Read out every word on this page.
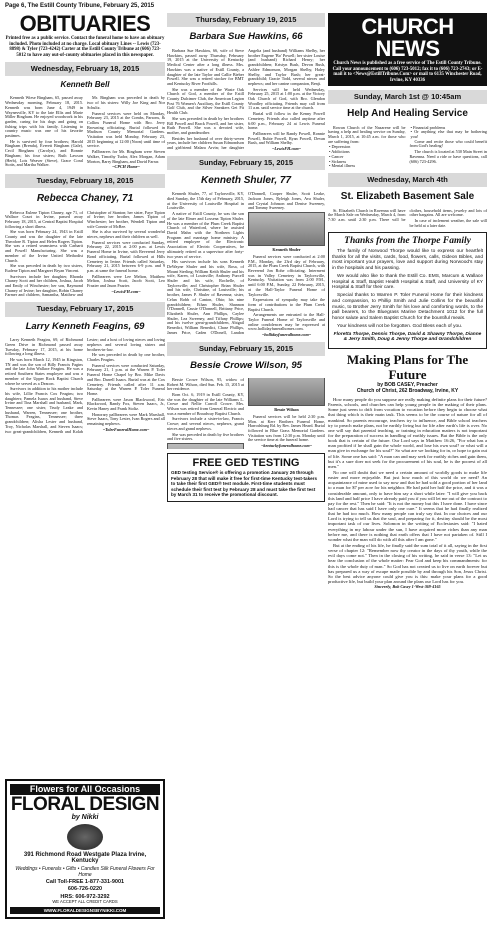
Page 6, The Estill County Tribune, February 25, 2015
OBITUARIES
Printed free as a public service. Contact the funeral home to have an obituary included. Photo included at no charge. Local obituary Lines -- Lewis (723-8898) & Tyler (723-4242) Carter at the Estill County Tribune at (606) 723-5012 to have any out-of-county obituaries placed in this newspaper.
Wednesday, February 18, 2015
Kenneth Bell

Kenneth Wiese Bingham, 65, passed away Wednesday morning, February 18, 2015. Kenneth was born June 4, 1949 in Waynesville, KY to the late Ellis and Marie Miller Bingham. He enjoyed woodwork in his garden, caring for his dogs and going on fishing trips with his family. Listening to country music was one of his favorite pastimes.

He is survived by four brothers; Harold Bingham (Brenda), Everett Bingham (Gale), Cecil Bingham (Carolyn), and Ronnie Bingham; his four sisters; Ruth Lawson (Herb), Lois Weaver (Steve), Grace Coral Stotts, and Martha Walker.

Mr. Bingham was preceded in death by two of his sisters: Willy Joe King and Nor Schultz.

Funeral services were held on Monday, February 23, 2015 at the Combs, Parsons, & Collins Funeral Home with Bro. Jerry Browning officiating. Burial followed in Madison County Memorial Gardens. Visitation was held Monday, February 23, 2015 beginning at 12:00 (Noon) until time of service.

Pallbearers for Mr. Bingham were Steven Walker, Timothy Tudor, Alex Morgan, Adam Morton, Barry Bingham, and David Farrar.

~CPCH Home~
Tuesday, February 18, 2015
Rebecca Chaney, 71

Rebecca Eulene Tipton Chaney, age 71, of Wallace Court in Irvine, passed away February 18, 2015, at Central Baptist Hospital following a short illness.

She was born February 24, 1943 in Estill County and was the daughter of the late Theodore R. Tipton and Helen Rogers Tipton. She was a retired seamstress with Carhartt and Powell Manufacturing. She was a member of the Irvine United Methodist Church.

She was preceded in death by two sisters, Eudene Tipton and Margaret Bryan Vincent.

Survivors include her daughter, Rhonda Chaney Scott and her children, Joshua, Jacob and Emily of Winchester; her son, Raymond Chaney of Irvine; her daughter, Robin Chaney Farmer and children, Samantha, Matthew and Christopher of Stanton; her sister, Faye Tipton of Irvine; her brother, James Tipton of Winchester; her brother, Wendell Tipton and wife Connie of McRee.

She is also survived by several wonderful nieces, nephews and their children as well.

Funeral services were conducted Sunday, February 22, 2015 at 2:00 p.m. at Lewis Funeral Home in Irvine, with Reverend Jerry Bond officiating. Burial followed at Hills Cemetery in Irvine. Friends called Saturday, February 21, 2015 between 6-9 p.m. and 9 p.m. at same the funeral home.

Pallbearers were Lee Melton, Matthew Melton, Joshua Scott, Jacob Scott, Leo Frazier and Jason Frazier.

~LewisFH.com~
Tuesday, February 17, 2015
Larry Kenneth Feagins, 69

Larry Kenneth Feagins, 69, of Richmond Green Drive in Richmond passed away Tuesday, February 17, 2015, at his home following a long illness.

He was born March 12, 1945 in Kingston, TN and was the son of Billy Francis Fagins and the late John Wallace Feagins. He was a retired Southern States employee and was a member of the Upper Rock Baptist Church where he served as a Deacon.

Survivors in addition to his mother include his wife, Lillie Francis Cox Feagins; two daughters; Pamela Isaacs and husband, Steve Irvine and Tina Marshall and husband, Mark, Tennessee; one sister, Trudy Leake and husband, Warren, Tennessee; one brother, Thomas Feagins, Tennessee; three grandchildren; Alisha Lester and husband, Troy, Nicholas Marshall, and Steven Isaacs; two great-grandchildren, Kenneth and Kolab Lester; and a host of loving nieces and loving nephews and several loving sisters and brothers-in-law.

He was preceded in death by one brother, Charles Feagins.

Funeral services were conducted Saturday, February 21, 1 p.m. at the Warren P. Toler Funeral Home Chapel by Bro. Mike Davis and Bro. Darrell Isaacs. Burial was at the Cox Cemetery. Friends called after 11 a.m. Saturday at the Warren P. Toler Funeral Home.

Pallbearers were Jason Blackwood, Eric Blackwood, Randy Fox, Steven Isaacs, Jr., Kevin Haney and Frank Stoltz.

Honorary pallbearers were Mark Marshall, Steve Isaacs, Tony Lester, Ivan Rogers and all remaining nephews.

~TolerFuneralHome.com~
Thursday, February 19, 2015
Barbara Sue Hawkins, 66

Barbara Sue Hawkins, 66, wife of Steve Hawkins, passed away Thursday, February 19, 2015 at the University of Kentucky Medical Center after a long illness. Mrs. Hawkins was a native of Estill County, a daughter of the late Taylor and Callie Bieber Powell. She was a retired stocker for BMT and Kentucky River Foothills.

She was a member of the Waste Oak Church of God, a member of the Estill County Dulcimer Club, the American Legion Post 76 Women's Auxiliary, the Estill County Golf Club, and the Silver Sneakers Get Fit Health Club.

She was preceded in death by her brothers Bill Powell and Brack Powell, and her sister, Ruth Powell. She was a devoted wife, mother, and grandmother.

Besides her husband of over thirty-seven years, include her children Susan Edmondson and girlfriend Malara Arvin; her daughter Angelia (and husband) Williams Shelby, her brother Eugene 'Bo' Powell; her sister Louise (and husband) Richard Henry; her grandchildren; Kristyn Bush, Devon Bush, Ashlee Edmonson, Morgan Shelby, Haley Shelby, and Taylor Bush; her great-grandchild; Gracie Todd, several nieces and nephews; and her canine companion, Benji.

Services will be held Wednesday, February 25, 2015 at 1:00 p.m. at the Victory Oak Church of God, with Bro. Glendon Woodley officiating. Friends may call from 11 a.m. until service time at the church.

Burial will follow in the Kenny Powell Cemetery. Friends also called anytime after 6:00 p.m., February 24 at Lewis Funeral home.

Pallbearers will be Randy Powell, Ronnie Powell, Rubie Powell, Ryan Powell, Devan Bush, and William Shelby.

~LewisFH.com~
Sunday, February 15, 2015
Kenneth Shuler, 77

Kenneth Shuler, 77, of Taylorsville, KY, died Sunday, the 15th day of February, 2015, at the University of Louisville Hospital in Louisville.

A native of Estill County, he was the son of the late Elmer and Lossena Tipton Shuler. He was a member of the Plum Creek Baptist Church of Waterford, where he assisted David Mahn with the Northern Lights Program and marriage home ministry. A retired employee of the Electronic Association of Electric Cooperatives, he ultimately retired as a supervisor after forty-two years of service.

His survivors include his sons Kenneth DeWayne Shuler and his wife, Rosa, of Mount Sterling; William Keith Shuler and his wife, Karen, of Louisville; Anthony Purcell Shuler and his wife, Rochelle, of Taylorsville; and Christopher Brian Shuler and his wife, Christine, of Louisville; his brother, James P. Shuler of Ravenna; sister, Celan Robb of Canton, Ohio; his nine grandchildren; Ethan Shuler, Shannon O'Donnell, Cassie O'Donnell, Brittany Price, Elizabeth Shuler, Ann Phillips, Caylee Shuler, Lea Sweeney, and Tiffany Phillips; and his twelve great-grandchildren, Abigail Benedict, William Benedict, Chase Phillips, James Price, Caden O'Donell, Landon O'Donnell, Cooper Shuler, Scott Leake, Jackson Jones, Ryleigh Jones, Ava Shuler, and Crystal Johnson and Denise Sweeney, and Tommy Sweeney.

Kenneth Shuler

Funeral services were conducted at 2:00 P.M., Monday, the 23rd day of February, 2015, at the Plum Creek Baptist Church, with Reverend Jon Rohe officiating. Interment was in Valley Cemetery in Taylorsville, Kentucky. Visitation was from 2:00 P.M., until 6:00 P.M., Sunday, 22 February, 2015, at the Hall-Taylor Funeral Home of Taylorsville.

Expressions of sympathy may take the form of contributions to the Plum Creek Baptist Church.

Arrangements are entrusted to the Hall-Taylor Funeral Home of Taylorsville and online condolences may be expressed at www.hollidayfuneralhomes.com.

~hollidayfuneralhome.com~
Sunday, February 15, 2015
Bessie Crowe Wilson, 95

Bessie Crowe Wilson, 95, widow of Robert M. Wilson, died Sun. Feb. 15, 2015 at her residence.

Born Oct. 6, 1919 in Estill County, KY, she was the daughter of the late Williams L. Crowe and Nellie Carroll Crowe. Mrs. Wilson was retired from General Electric and was a member of Broadway Baptist Church.

Survivors include a sister-in-law, Francis Crowe; and several nieces, nephews, grand nieces and grand nephews.

She was preceded in death by five brothers and five sisters.

Bessie Wilson

Funeral services will be held 2:30 p.m. Mon. at Kerr Brothers Funeral Home, Harrodsburg Rd. by Rev. James Heard. Burial followed in Blue Grass Memorial Gardens. Visitation was from 12:30 p.m. Monday until the service time at the funeral home.

~kentuckyfuneralhome.com~
FREE GED TESTING

GED testing Service® is offering a promotion January 26 through February 28 that will make it free for first-time Kentucky test-takers to take their first GED® test module. First-time students must schedule their first test by February 28 and must take the first test by March 31 to receive the promotional discount.

CHURCH NEWS
Church News is published as a free service of The Estill County Tribune. Call your announcement to (606) 723-5012; fax it to (606) 723-2743; or E-mail it to <News@EstillTribune.Com> or mail to 6135 Winchester Road, Irvine, KY 40336
Sunday, March 1st @ 10:45am
Help And Healing Service

Rowan Church of the Nazarene will be having a help and healing service on Sunday, March 1, 2015, at 10:45 a.m. for those who are suffering from:

• Depression
• Addictions
• Cancer
• Sickness
• Mental illness
• Financial problems
• Or anything else that may be bothering you!

Come and recite those who could benefit from God's healing!

The church is located at 530 Main Street in Ravenna. Need a ride or have questions, call (606) 723-4296.

Wednesday, March 4th
St. Elizabeth Basement Sale

St. Elizabeth Church in Ravenna will have the March Sale on Wednesday, March 4, from 7:30 a.m. until 2:30 p.m. There will be clothes, household items, jewelry and lots of other bargains. All are welcome.

In case of inclement weather, the sale will be held at a later date.

Thanks from the Thorpe Family

The family of Norwood Thorpe would like to express our heartfelt thanks for all the visits, cards, food, flowers, calls, Gideon Bibles, and most important your prayers, love and support during Norwood's stay in the hospitals and his passing.

We would also like to thank the Estill Co. EMS, Marcum & Wallace Hospital & Staff, Baptist Health Hospital & Staff, and University of KY Hospital & Staff for their care.

Special thanks to Warren P. Toler Funeral Home for their kindness and compassion, to Phillip Smith and Julie Collins for the beautiful music, to Brother Jerry Smith for his love and comforting words, to the pall bearers, to the Bluegrass Marine Detachment 1012 for the full honor salute and Salem Baptist Church for the bountiful meals.

Your kindness will not be forgotten. God Bless each of you.

Floretta Thorpe, Dennis Thorpe, David & Shawny Thorpe, Dianne & Jerry Smith, Doug & Jenny Thorpe and Grandchildren

Making Plans for The Future
by BOB CASEY, Preacher
Church of Christ, 262 Broadway, Irvine, KY

How many people do you suppose are really making definite plans for their future? Parents, schools, and churches can help young people in the making of their plans. Some just seem to drift from vocation to vocation before they begin to choose what that thing which is their main task. This seems to be the course of nature for all of mankind. So parents encourage, teachers try to influence, and Bible school teachers try to preach make plans, not be earthly living but for life after earth's life is over. No one will say that parental teaching, or training in education matters is not important for the preparation of success in handling of earthly issues. But the Bible is the only book that is certain of the future. Our Lord says in Matthew 16:26, "For what has a man profited if he shall gain the whole world, and lose his own soul? or what will a man give in exchange for his soul?" So what are we looking for in, or hope to gain out of life. Some one has said: "A man can and may seek for earthly riches and gain them, but it's a sure doer not seek for the procurement of his soul, he is the poorest of all men."

No one will doubt that we need a certain amount of worldly goods to make life easier and more enjoyable. But just how much of this world do we need? An acquaintance of mine used to say now and that he had sold a good portion of her land to a man for $7 per acre for his neighbor. He had paid her half the price, and it was a considerable amount, only to have him say a short while later: "I will give you back this land and half price I have already paid you if you will let me out of the contract to pay for the rest." Then he said: "It is not the money but this I have done. I have since had cancer that has said I have only one cure." It seems that he had finally realized that he had too much. How many people can truly say that. In our choices and our Lord is trying to tell us that the soul, and preparing for it, destiny should be the most important task of our lives. Solomon in the writing of Ecclesiastes said: "I hated everything in my labour under the sun, I have acquired more riches than any man before me, and there is nothing that earth offers that I have not partaken of. Still I wonder what the man will do with all this after I am gone."

But at the ending of his life, he finally said the sum total of it all, saying in the first verse of chapter 12: "Remember now thy creator in the days of thy youth, while the evil days come not." Then in the closing of his writing, he said in verse 13: "Let us hear the conclusion of the whole matter: Fear God and keep his commandments: for this is the whole duty of man." So God has not created us to live on earth forever but has prepared us a way of escape made possible by and through his Son, Jesus Christ. So the best advice anyone could give you is this: make your plans for a good productive life, but build your plan around the plans our Lord has for you.

Sincerely, Bob Casey 1-West-369-4165
Flowers for All Occasions
FLORAL DESIGN
by Nikki
391 Richmond Road Westgate Plaza Irvine, Kentucky
Weddings • Funerals • Gifts • Candles Silk Funeral Flowers For Home
Call Toll-FREE 1-877-331-9001
606-726-0220
HRS: 606-972-3292
WE ACCEPT ALL CREDIT CARDS
WWW.FLORALDESIGNSBYNIKKI.COM
